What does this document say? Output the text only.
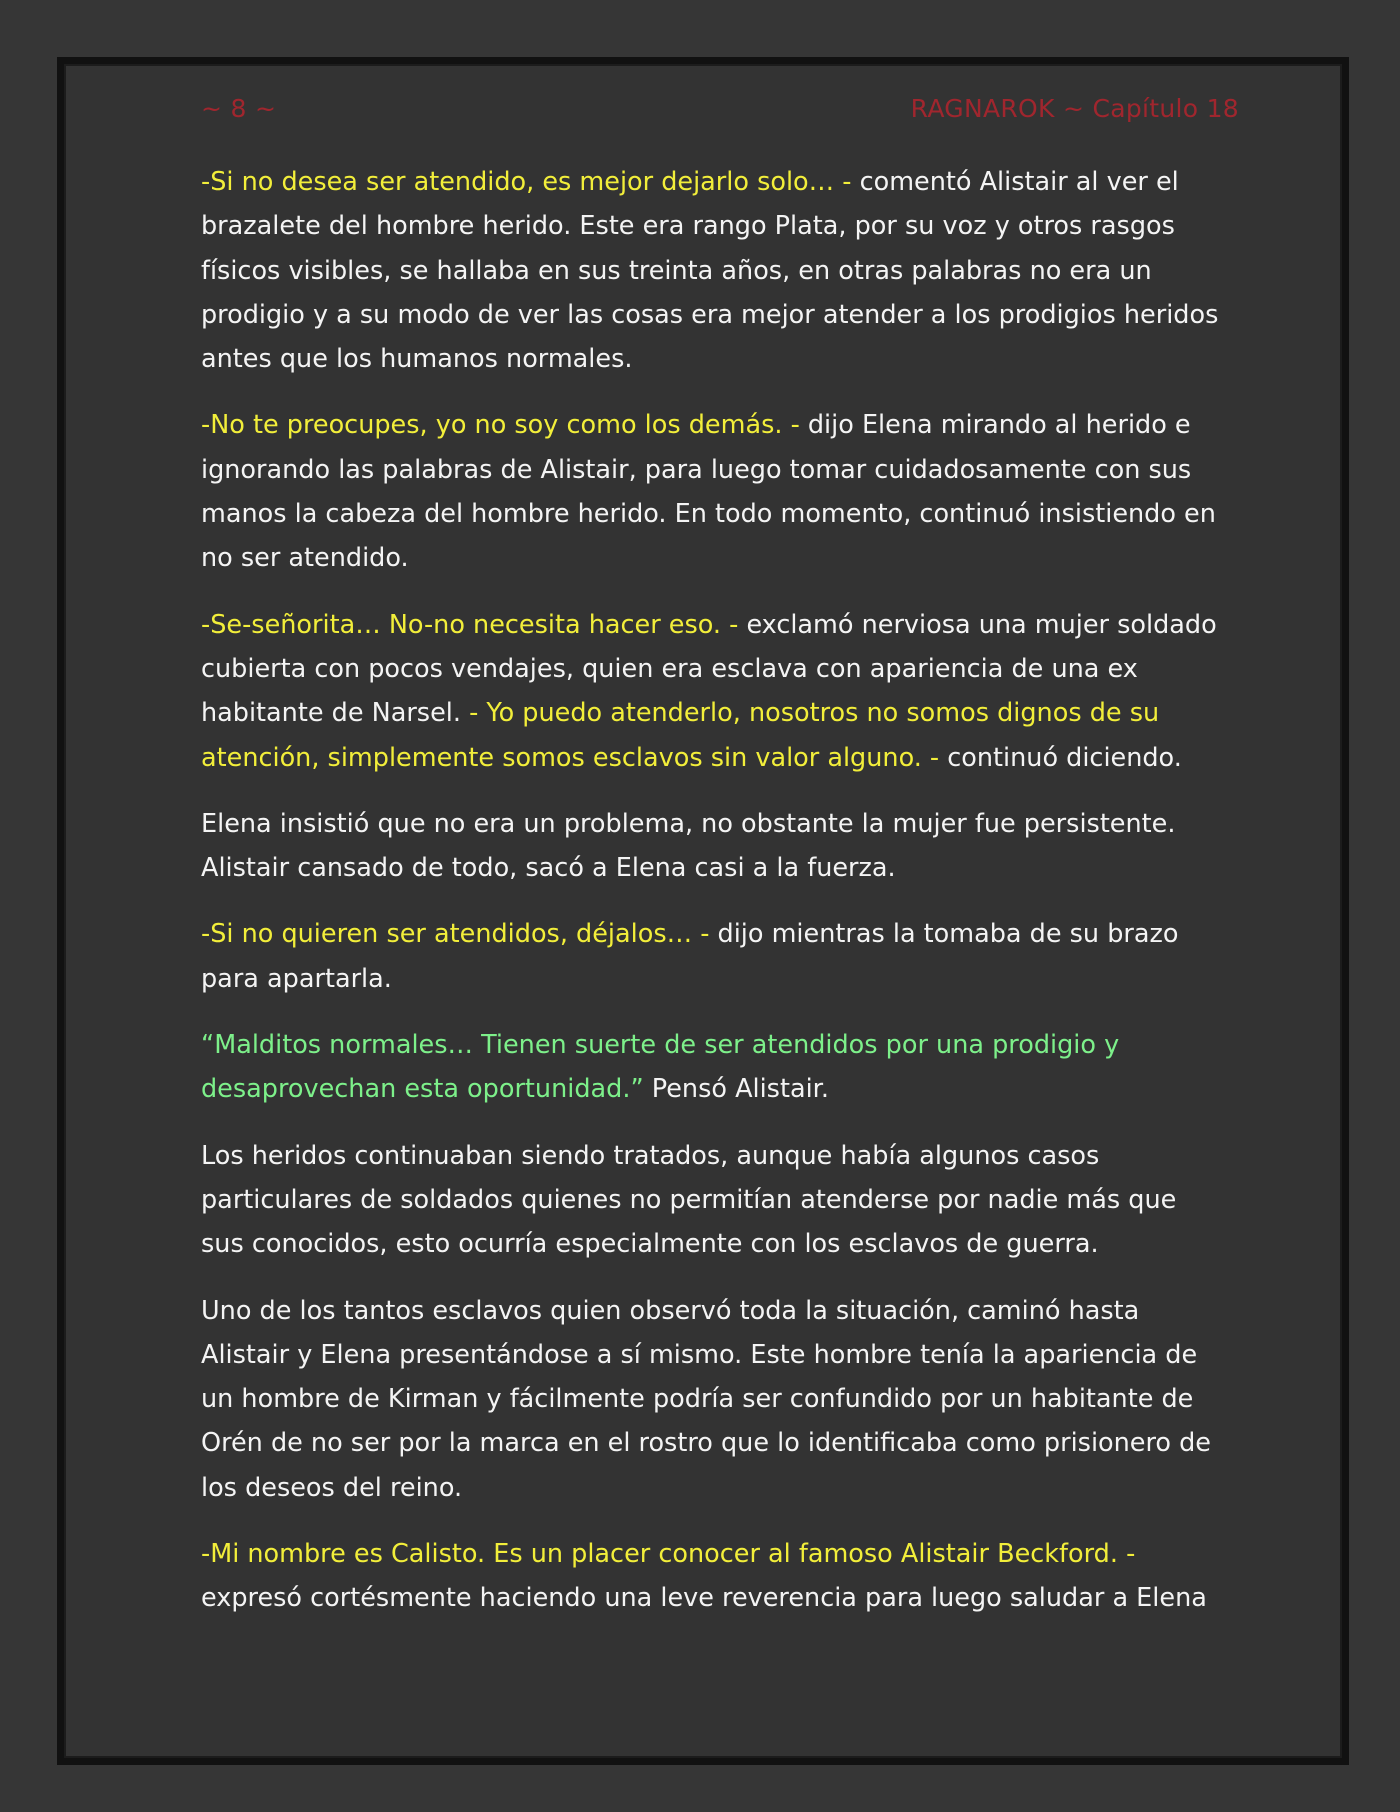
~ 8 ~	RAGNAROK ~ Capítulo 18

-Si no desea ser atendido, es mejor dejarlo solo… - comentó Alistair al ver el brazalete del hombre herido. Este era rango Plata, por su voz y otros rasgos físicos visibles, se hallaba en sus treinta años, en otras palabras no era un prodigio y a su modo de ver las cosas era mejor atender a los prodigios heridos antes que los humanos normales.

-No te preocupes, yo no soy como los demás. - dijo Elena mirando al herido e ignorando las palabras de Alistair, para luego tomar cuidadosamente con sus manos la cabeza del hombre herido. En todo momento, continuó insistiendo en no ser atendido.

-Se-señorita… No-no necesita hacer eso. - exclamó nerviosa una mujer soldado cubierta con pocos vendajes, quien era esclava con apariencia de una ex habitante de Narsel. - Yo puedo atenderlo, nosotros no somos dignos de su atención, simplemente somos esclavos sin valor alguno. - continuó diciendo.

Elena insistió que no era un problema, no obstante la mujer fue persistente. Alistair cansado de todo, sacó a Elena casi a la fuerza.

-Si no quieren ser atendidos, déjalos… - dijo mientras la tomaba de su brazo para apartarla.

“Malditos normales… Tienen suerte de ser atendidos por una prodigio y desaprovechan esta oportunidad.” Pensó Alistair.

Los heridos continuaban siendo tratados, aunque había algunos casos particulares de soldados quienes no permitían atenderse por nadie más que sus conocidos, esto ocurría especialmente con los esclavos de guerra.

Uno de los tantos esclavos quien observó toda la situación, caminó hasta Alistair y Elena presentándose a sí mismo. Este hombre tenía la apariencia de un hombre de Kirman y fácilmente podría ser confundido por un habitante de Orén de no ser por la marca en el rostro que lo identificaba como prisionero de los deseos del reino.

-Mi nombre es Calisto. Es un placer conocer al famoso Alistair Beckford. - expresó cortésmente haciendo una leve reverencia para luego saludar a Elena
